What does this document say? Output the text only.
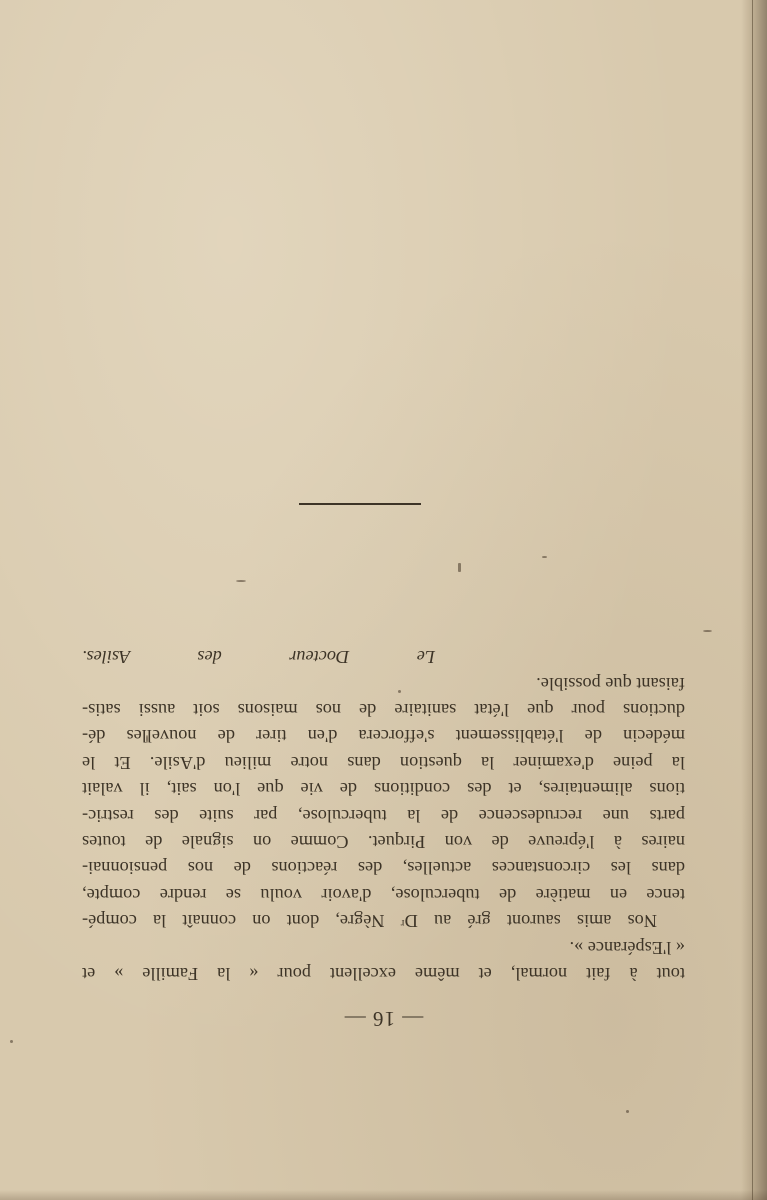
— 16 —

tout à fait normal, et même excellent pour « la Famille » et

« l'Espérance ».

Nos amis sauront gré au Dʳ Nègre, dont on connaît la compé-

tence en matière de tuberculose, d'avoir voulu se rendre compte,

dans les circonstances actuelles, des réactions de nos pensionnai-

naires à l'épreuve de von Pirquet. Comme on signale de toutes

parts une recrudescence de la tuberculose, par suite des restric-

tions alimentaires, et des conditions de vie que l'on sait, il valait

la peine d'examiner la question dans notre milieu d'Asile. Et le

médecin de l'établissement s'efforcera d'en tirer de nouvelles dé-

ductions pour que l'état sanitaire de nos maisons soit aussi satis-

faisant que possible.

Le Docteur des Asiles.
